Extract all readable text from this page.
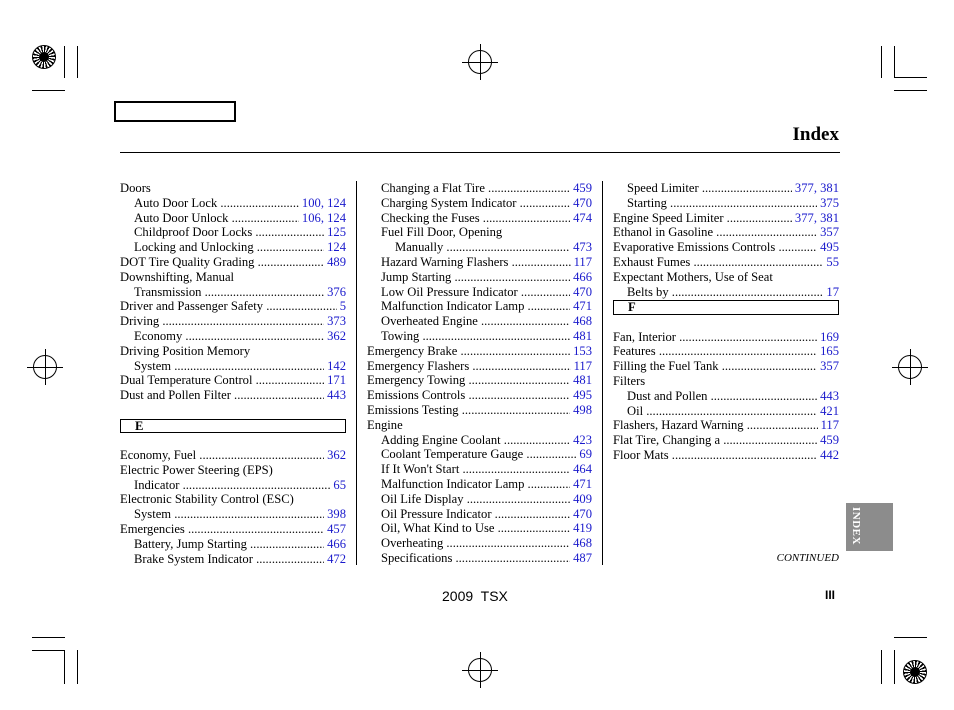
Index
Doors
Auto Door Lock .....	100, 124
Auto Door Unlock .....	106, 124
Childproof Door Locks .....	125
Locking and Unlocking .....	124
DOT Tire Quality Grading .....	489
Downshifting, Manual
Transmission .....	376
Driver and Passenger Safety .....	5
Driving .....	373
Economy .....	362
Driving Position Memory
System .....	142
Dual Temperature Control .....	171
Dust and Pollen Filter .....	443
E
Economy, Fuel .....	362
Electric Power Steering (EPS)
Indicator .....	65
Electronic Stability Control (ESC)
System .....	398
Emergencies .....	457
Battery, Jump Starting .....	466
Brake System Indicator .....	472
Changing a Flat Tire .....	459
Charging System Indicator .....	470
Checking the Fuses .....	474
Fuel Fill Door, Opening
Manually .....	473
Hazard Warning Flashers .....	117
Jump Starting .....	466
Low Oil Pressure Indicator .....	470
Malfunction Indicator Lamp .....	471
Overheated Engine .....	468
Towing .....	481
Emergency Brake .....	153
Emergency Flashers .....	117
Emergency Towing .....	481
Emissions Controls .....	495
Emissions Testing .....	498
Engine
Adding Engine Coolant .....	423
Coolant Temperature Gauge .....	69
If It Won't Start .....	464
Malfunction Indicator Lamp .....	471
Oil Life Display .....	409
Oil Pressure Indicator .....	470
Oil, What Kind to Use .....	419
Overheating .....	468
Specifications .....	487
Speed Limiter .....	377, 381
Starting .....	375
Engine Speed Limiter .....	377, 381
Ethanol in Gasoline .....	357
Evaporative Emissions Controls .....	495
Exhaust Fumes .....	55
Expectant Mothers, Use of Seat
Belts by .....	17
F
Fan, Interior .....	169
Features .....	165
Filling the Fuel Tank .....	357
Filters
Dust and Pollen .....	443
Oil .....	421
Flashers, Hazard Warning .....	117
Flat Tire, Changing a .....	459
Floor Mats .....	442
INDEX
CONTINUED
2009  TSX	III
